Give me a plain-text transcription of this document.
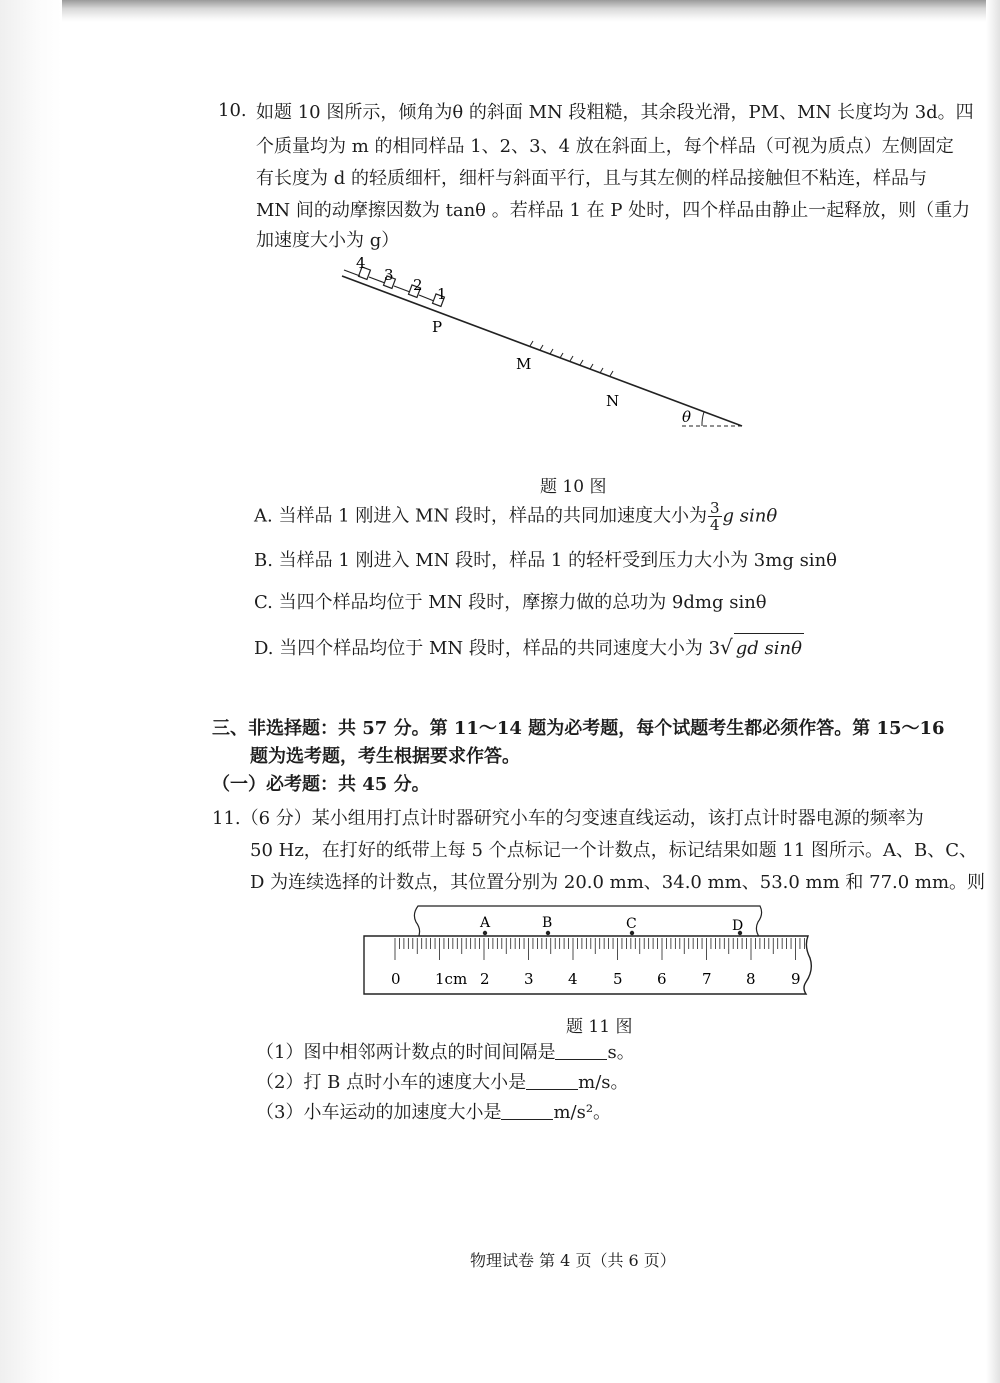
10. 如题 10 图所示，倾角为θ 的斜面 MN 段粗糙，其余段光滑，PM、MN 长度均为 3d。四
个质量均为 m 的相同样品 1、2、3、4 放在斜面上，每个样品（可视为质点）左侧固定
有长度为 d 的轻质细杆，细杆与斜面平行，且与其左侧的样品接触但不粘连，样品与
MN 间的动摩擦因数为 tanθ 。若样品 1 在 P 处时，四个样品由静止一起释放，则（重力
加速度大小为 g）
4
3
2 1
P
M
N
θ
题 10 图
A. 当样品 1 刚进入 MN 段时，样品的共同加速度大小为 $\frac{3}{4}$ g sinθ
B. 当样品 1 刚进入 MN 段时，样品 1 的轻杆受到压力大小为 3mg sinθ
C. 当四个样品均位于 MN 段时，摩擦力做的总功为 9dmg sinθ
D. 当四个样品均位于 MN 段时，样品的共同速度大小为 3√ gd sinθ
三、非选择题：共 57 分。第 11～14 题为必考题，每个试题考生都必须作答。第 15～16
题为选考题，考生根据要求作答。
（一）必考题：共 45 分。
11.（6 分）某小组用打点计时器研究小车的匀变速直线运动，该打点计时器电源的频率为
50 Hz，在打好的纸带上每 5 个点标记一个计数点，标记结果如题 11 图所示。A、B、C、
D 为连续选择的计数点，其位置分别为 20.0 mm、34.0 mm、53.0 mm 和 77.0 mm。则
A	B	C	D
0 1cm 2 3 4 5 6 7 8 9
题 11 图
（1）图中相邻两计数点的时间间隔是	s。
（2）打 B 点时小车的速度大小是	m/s。
（3）小车运动的加速度大小是	m/s²。
物理试卷 第 4 页（共 6 页）
